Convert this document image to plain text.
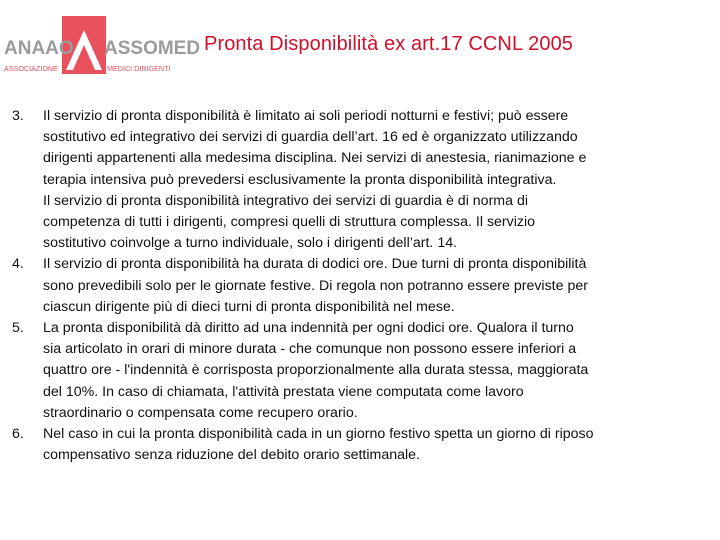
ANAAO ASSOMED
ASSOCIAZIONE	MEDICI DIRIGENTI
Pronta Disponibilità ex art.17 CCNL 2005
3.	Il servizio di pronta disponibilità è limitato ai soli periodi notturni e festivi; può essere
sostitutivo ed integrativo dei servizi di guardia dell’art. 16 ed è organizzato utilizzando
dirigenti appartenenti alla medesima disciplina. Nei servizi di anestesia, rianimazione e
terapia intensiva può prevedersi esclusivamente la pronta disponibilità integrativa.
Il servizio di pronta disponibilità integrativo dei servizi di guardia è di norma di
competenza di tutti i dirigenti, compresi quelli di struttura complessa. Il servizio
sostitutivo coinvolge a turno individuale, solo i dirigenti dell’art. 14.
4.	Il servizio di pronta disponibilità ha durata di dodici ore. Due turni di pronta disponibilità
sono prevedibili solo per le giornate festive. Di regola non potranno essere previste per
ciascun dirigente più di dieci turni di pronta disponibilità nel mese.
5.	La pronta disponibilità dà diritto ad una indennità per ogni dodici ore. Qualora il turno
sia articolato in orari di minore durata - che comunque non possono essere inferiori a
quattro ore - l'indennità è corrisposta proporzionalmente alla durata stessa, maggiorata
del 10%. In caso di chiamata, l'attività prestata viene computata come lavoro
straordinario o compensata come recupero orario.
6.	Nel caso in cui la pronta disponibilità cada in un giorno festivo spetta un giorno di riposo
compensativo senza riduzione del debito orario settimanale.
